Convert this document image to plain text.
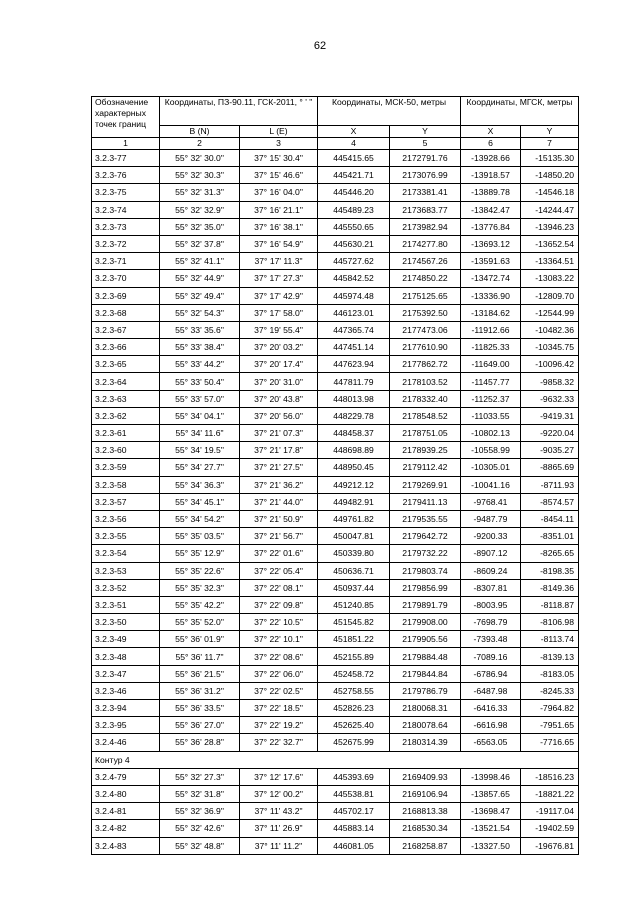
62
Обозначение характерных точек границ	Координаты, ПЗ-90.11, ГСК-2011, ° ' "		Координаты, МСК-50, метры		Координаты, МГСК, метры	
	B (N)	L (E)	X	Y	X	Y
1	2	3	4	5	6	7
3.2.3-77	55° 32' 30.0"	37° 15' 30.4"	445415.65	2172791.76	-13928.66	-15135.30
3.2.3-76	55° 32' 30.3"	37° 15' 46.6"	445421.71	2173076.99	-13918.57	-14850.20
3.2.3-75	55° 32' 31.3"	37° 16' 04.0"	445446.20	2173381.41	-13889.78	-14546.18
3.2.3-74	55° 32' 32.9"	37° 16' 21.1"	445489.23	2173683.77	-13842.47	-14244.47
3.2.3-73	55° 32' 35.0"	37° 16' 38.1"	445550.65	2173982.94	-13776.84	-13946.23
3.2.3-72	55° 32' 37.8"	37° 16' 54.9"	445630.21	2174277.80	-13693.12	-13652.54
3.2.3-71	55° 32' 41.1"	37° 17' 11.3"	445727.62	2174567.26	-13591.63	-13364.51
3.2.3-70	55° 32' 44.9"	37° 17' 27.3"	445842.52	2174850.22	-13472.74	-13083.22
3.2.3-69	55° 32' 49.4"	37° 17' 42.9"	445974.48	2175125.65	-13336.90	-12809.70
3.2.3-68	55° 32' 54.3"	37° 17' 58.0"	446123.01	2175392.50	-13184.62	-12544.99
3.2.3-67	55° 33' 35.6"	37° 19' 55.4"	447365.74	2177473.06	-11912.66	-10482.36
3.2.3-66	55° 33' 38.4"	37° 20' 03.2"	447451.14	2177610.90	-11825.33	-10345.75
3.2.3-65	55° 33' 44.2"	37° 20' 17.4"	447623.94	2177862.72	-11649.00	-10096.42
3.2.3-64	55° 33' 50.4"	37° 20' 31.0"	447811.79	2178103.52	-11457.77	-9858.32
3.2.3-63	55° 33' 57.0"	37° 20' 43.8"	448013.98	2178332.40	-11252.37	-9632.33
3.2.3-62	55° 34' 04.1"	37° 20' 56.0"	448229.78	2178548.52	-11033.55	-9419.31
3.2.3-61	55° 34' 11.6"	37° 21' 07.3"	448458.37	2178751.05	-10802.13	-9220.04
3.2.3-60	55° 34' 19.5"	37° 21' 17.8"	448698.89	2178939.25	-10558.99	-9035.27
3.2.3-59	55° 34' 27.7"	37° 21' 27.5"	448950.45	2179112.42	-10305.01	-8865.69
3.2.3-58	55° 34' 36.3"	37° 21' 36.2"	449212.12	2179269.91	-10041.16	-8711.93
3.2.3-57	55° 34' 45.1"	37° 21' 44.0"	449482.91	2179411.13	-9768.41	-8574.57
3.2.3-56	55° 34' 54.2"	37° 21' 50.9"	449761.82	2179535.55	-9487.79	-8454.11
3.2.3-55	55° 35' 03.5"	37° 21' 56.7"	450047.81	2179642.72	-9200.33	-8351.01
3.2.3-54	55° 35' 12.9"	37° 22' 01.6"	450339.80	2179732.22	-8907.12	-8265.65
3.2.3-53	55° 35' 22.6"	37° 22' 05.4"	450636.71	2179803.74	-8609.24	-8198.35
3.2.3-52	55° 35' 32.3"	37° 22' 08.1"	450937.44	2179856.99	-8307.81	-8149.36
3.2.3-51	55° 35' 42.2"	37° 22' 09.8"	451240.85	2179891.79	-8003.95	-8118.87
3.2.3-50	55° 35' 52.0"	37° 22' 10.5"	451545.82	2179908.00	-7698.79	-8106.98
3.2.3-49	55° 36' 01.9"	37° 22' 10.1"	451851.22	2179905.56	-7393.48	-8113.74
3.2.3-48	55° 36' 11.7"	37° 22' 08.6"	452155.89	2179884.48	-7089.16	-8139.13
3.2.3-47	55° 36' 21.5"	37° 22' 06.0"	452458.72	2179844.84	-6786.94	-8183.05
3.2.3-46	55° 36' 31.2"	37° 22' 02.5"	452758.55	2179786.79	-6487.98	-8245.33
3.2.3-94	55° 36' 33.5"	37° 22' 18.5"	452826.23	2180068.31	-6416.33	-7964.82
3.2.3-95	55° 36' 27.0"	37° 22' 19.2"	452625.40	2180078.64	-6616.98	-7951.65
3.2.4-46	55° 36' 28.8"	37° 22' 32.7"	452675.99	2180314.39	-6563.05	-7716.65
Контур 4						
3.2.4-79	55° 32' 27.3"	37° 12' 17.6"	445393.69	2169409.93	-13998.46	-18516.23
3.2.4-80	55° 32' 31.8"	37° 12' 00.2"	445538.81	2169106.94	-13857.65	-18821.22
3.2.4-81	55° 32' 36.9"	37° 11' 43.2"	445702.17	2168813.38	-13698.47	-19117.04
3.2.4-82	55° 32' 42.6"	37° 11' 26.9"	445883.14	2168530.34	-13521.54	-19402.59
3.2.4-83	55° 32' 48.8"	37° 11' 11.2"	446081.05	2168258.87	-13327.50	-19676.81
